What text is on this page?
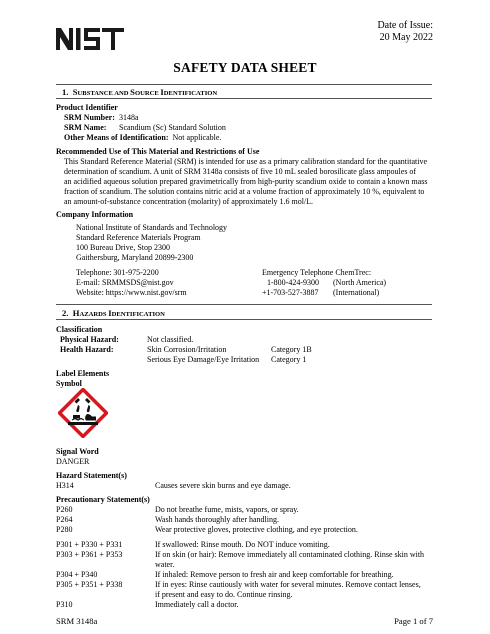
Date of Issue:
20 May 2022
SAFETY DATA SHEET
1. SUBSTANCE AND SOURCE IDENTIFICATION
Product Identifier
SRM Number: 3148a
SRM Name: Scandium (Sc) Standard Solution
Other Means of Identification: Not applicable.
Recommended Use of This Material and Restrictions of Use
This Standard Reference Material (SRM) is intended for use as a primary calibration standard for the quantitative
determination of scandium. A unit of SRM 3148a consists of five 10 mL sealed borosilicate glass ampoules of
an acidified aqueous solution prepared gravimetrically from high-purity scandium oxide to contain a known mass
fraction of scandium. The solution contains nitric acid at a volume fraction of approximately 10 %, equivalent to
an amount-of-substance concentration (molarity) of approximately 1.6 mol/L.
Company Information
National Institute of Standards and Technology
Standard Reference Materials Program
100 Bureau Drive, Stop 2300
Gaithersburg, Maryland 20899-2300
Telephone: 301-975-2200
E-mail: SRMMSDS@nist.gov
Website: https://www.nist.gov/srm
Emergency Telephone ChemTrec:
1-800-424-9300 (North America)
+1-703-527-3887 (International)
2. HAZARDS IDENTIFICATION
Classification
Physical Hazard:	Not classified.
Health Hazard:	Skin Corrosion/Irritation	Category 1B
Serious Eye Damage/Eye Irritation Category 1
Label Elements
Symbol
Signal Word
DANGER
Hazard Statement(s)
H314	Causes severe skin burns and eye damage.
Precautionary Statement(s)
P260	Do not breathe fume, mists, vapors, or spray.
P264	Wash hands thoroughly after handling.
P280	Wear protective gloves, protective clothing, and eye protection.
P301 + P330 + P331	If swallowed: Rinse mouth. Do NOT induce vomiting.
P303 + P361 + P353	If on skin (or hair): Remove immediately all contaminated clothing. Rinse skin with
water.
P304 + P340	If inhaled: Remove person to fresh air and keep comfortable for breathing.
P305 + P351 + P338	If in eyes: Rinse cautiously with water for several minutes. Remove contact lenses,
if present and easy to do. Continue rinsing.
P310	Immediately call a doctor.
SRM 3148a	Page 1 of 7
